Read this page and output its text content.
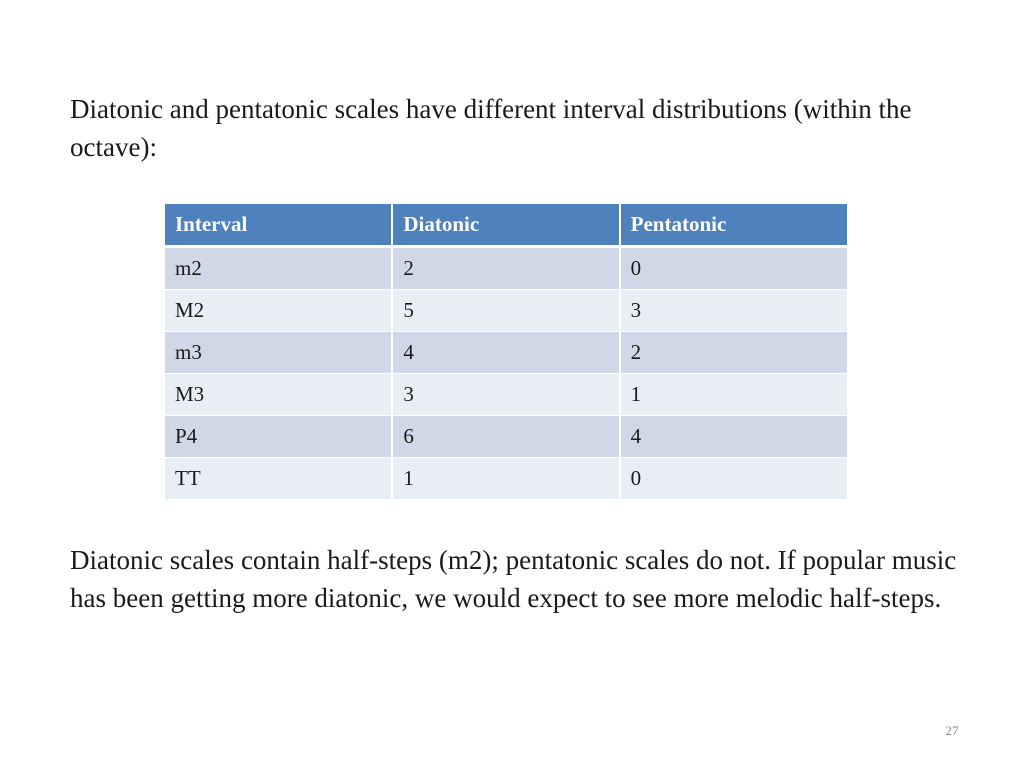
Diatonic and pentatonic scales have different interval distributions (within the octave):

Interval	Diatonic	Pentatonic
m2	2	0
M2	5	3
m3	4	2
M3	3	1
P4	6	4
TT	1	0

Diatonic scales contain half-steps (m2); pentatonic scales do not. If popular music has been getting more diatonic, we would expect to see more melodic half-steps.

27
